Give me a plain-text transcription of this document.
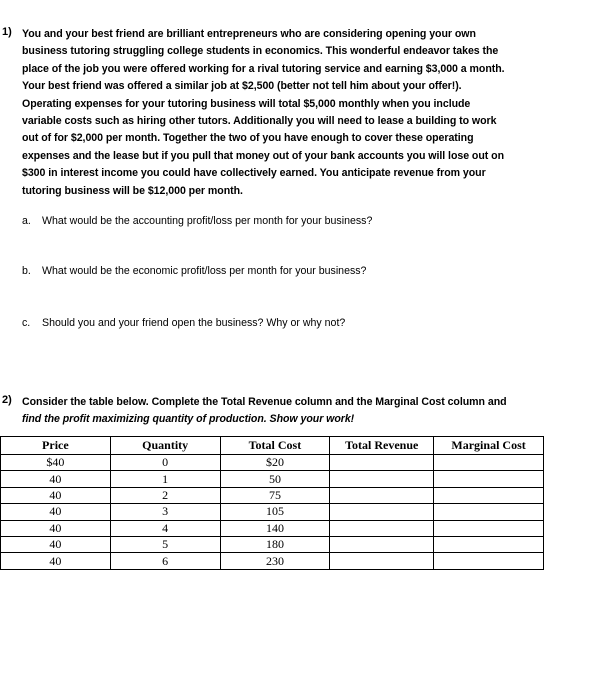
1) You and your best friend are brilliant entrepreneurs who are considering opening your own
business tutoring struggling college students in economics. This wonderful endeavor takes the
place of the job you were offered working for a rival tutoring service and earning $3,000 a month.
Your best friend was offered a similar job at $2,500 (better not tell him about your offer!).
Operating expenses for your tutoring business will total $5,000 monthly when you include
variable costs such as hiring other tutors. Additionally you will need to lease a building to work
out of for $2,000 per month. Together the two of you have enough to cover these operating
expenses and the lease but if you pull that money out of your bank accounts you will lose out on
$300 in interest income you could have collectively earned. You anticipate revenue from your
tutoring business will be $12,000 per month.
a. What would be the accounting profit/loss per month for your business?
b. What would be the economic profit/loss per month for your business?
c. Should you and your friend open the business? Why or why not?
2) Consider the table below. Complete the Total Revenue column and the Marginal Cost column and
find the profit maximizing quantity of production. Show your work!
Price	Quantity	Total Cost	Total Revenue	Marginal Cost
$40	0	$20		
40	1	50		
40	2	75		
40	3	105		
40	4	140		
40	5	180		
40	6	230		
